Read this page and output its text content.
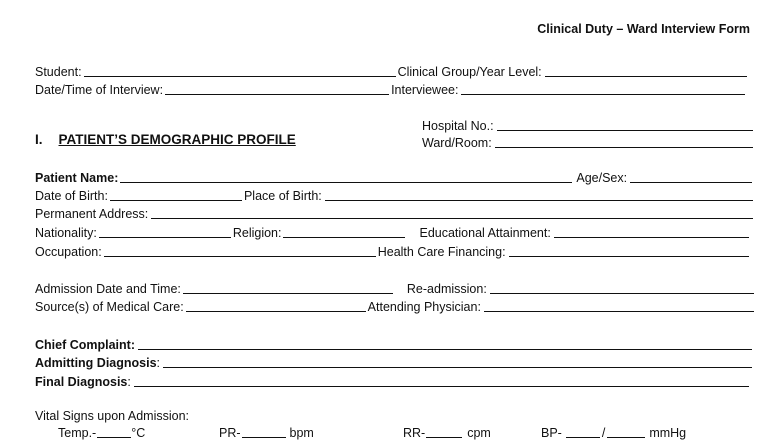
Clinical Duty – Ward Interview Form
Student:	Clinical Group/Year Level:
Date/Time of Interview:	Interviewee:
Hospital No.:
I. PATIENT’S DEMOGRAPHIC PROFILE	Ward/Room:
Patient Name:	Age/Sex:
Date of Birth:	Place of Birth:
Permanent Address:
Nationality:	Religion:	Educational Attainment:
Occupation:	Health Care Financing:
Admission Date and Time:	Re-admission:
Source(s) of Medical Care:	Attending Physician:
Chief Complaint:
Admitting Diagnosis :
Final Diagnosis :
Vital Signs upon Admission:
Temp.-	°C	PR-	bpm	RR-	cpm	BP-	/	mmHg
